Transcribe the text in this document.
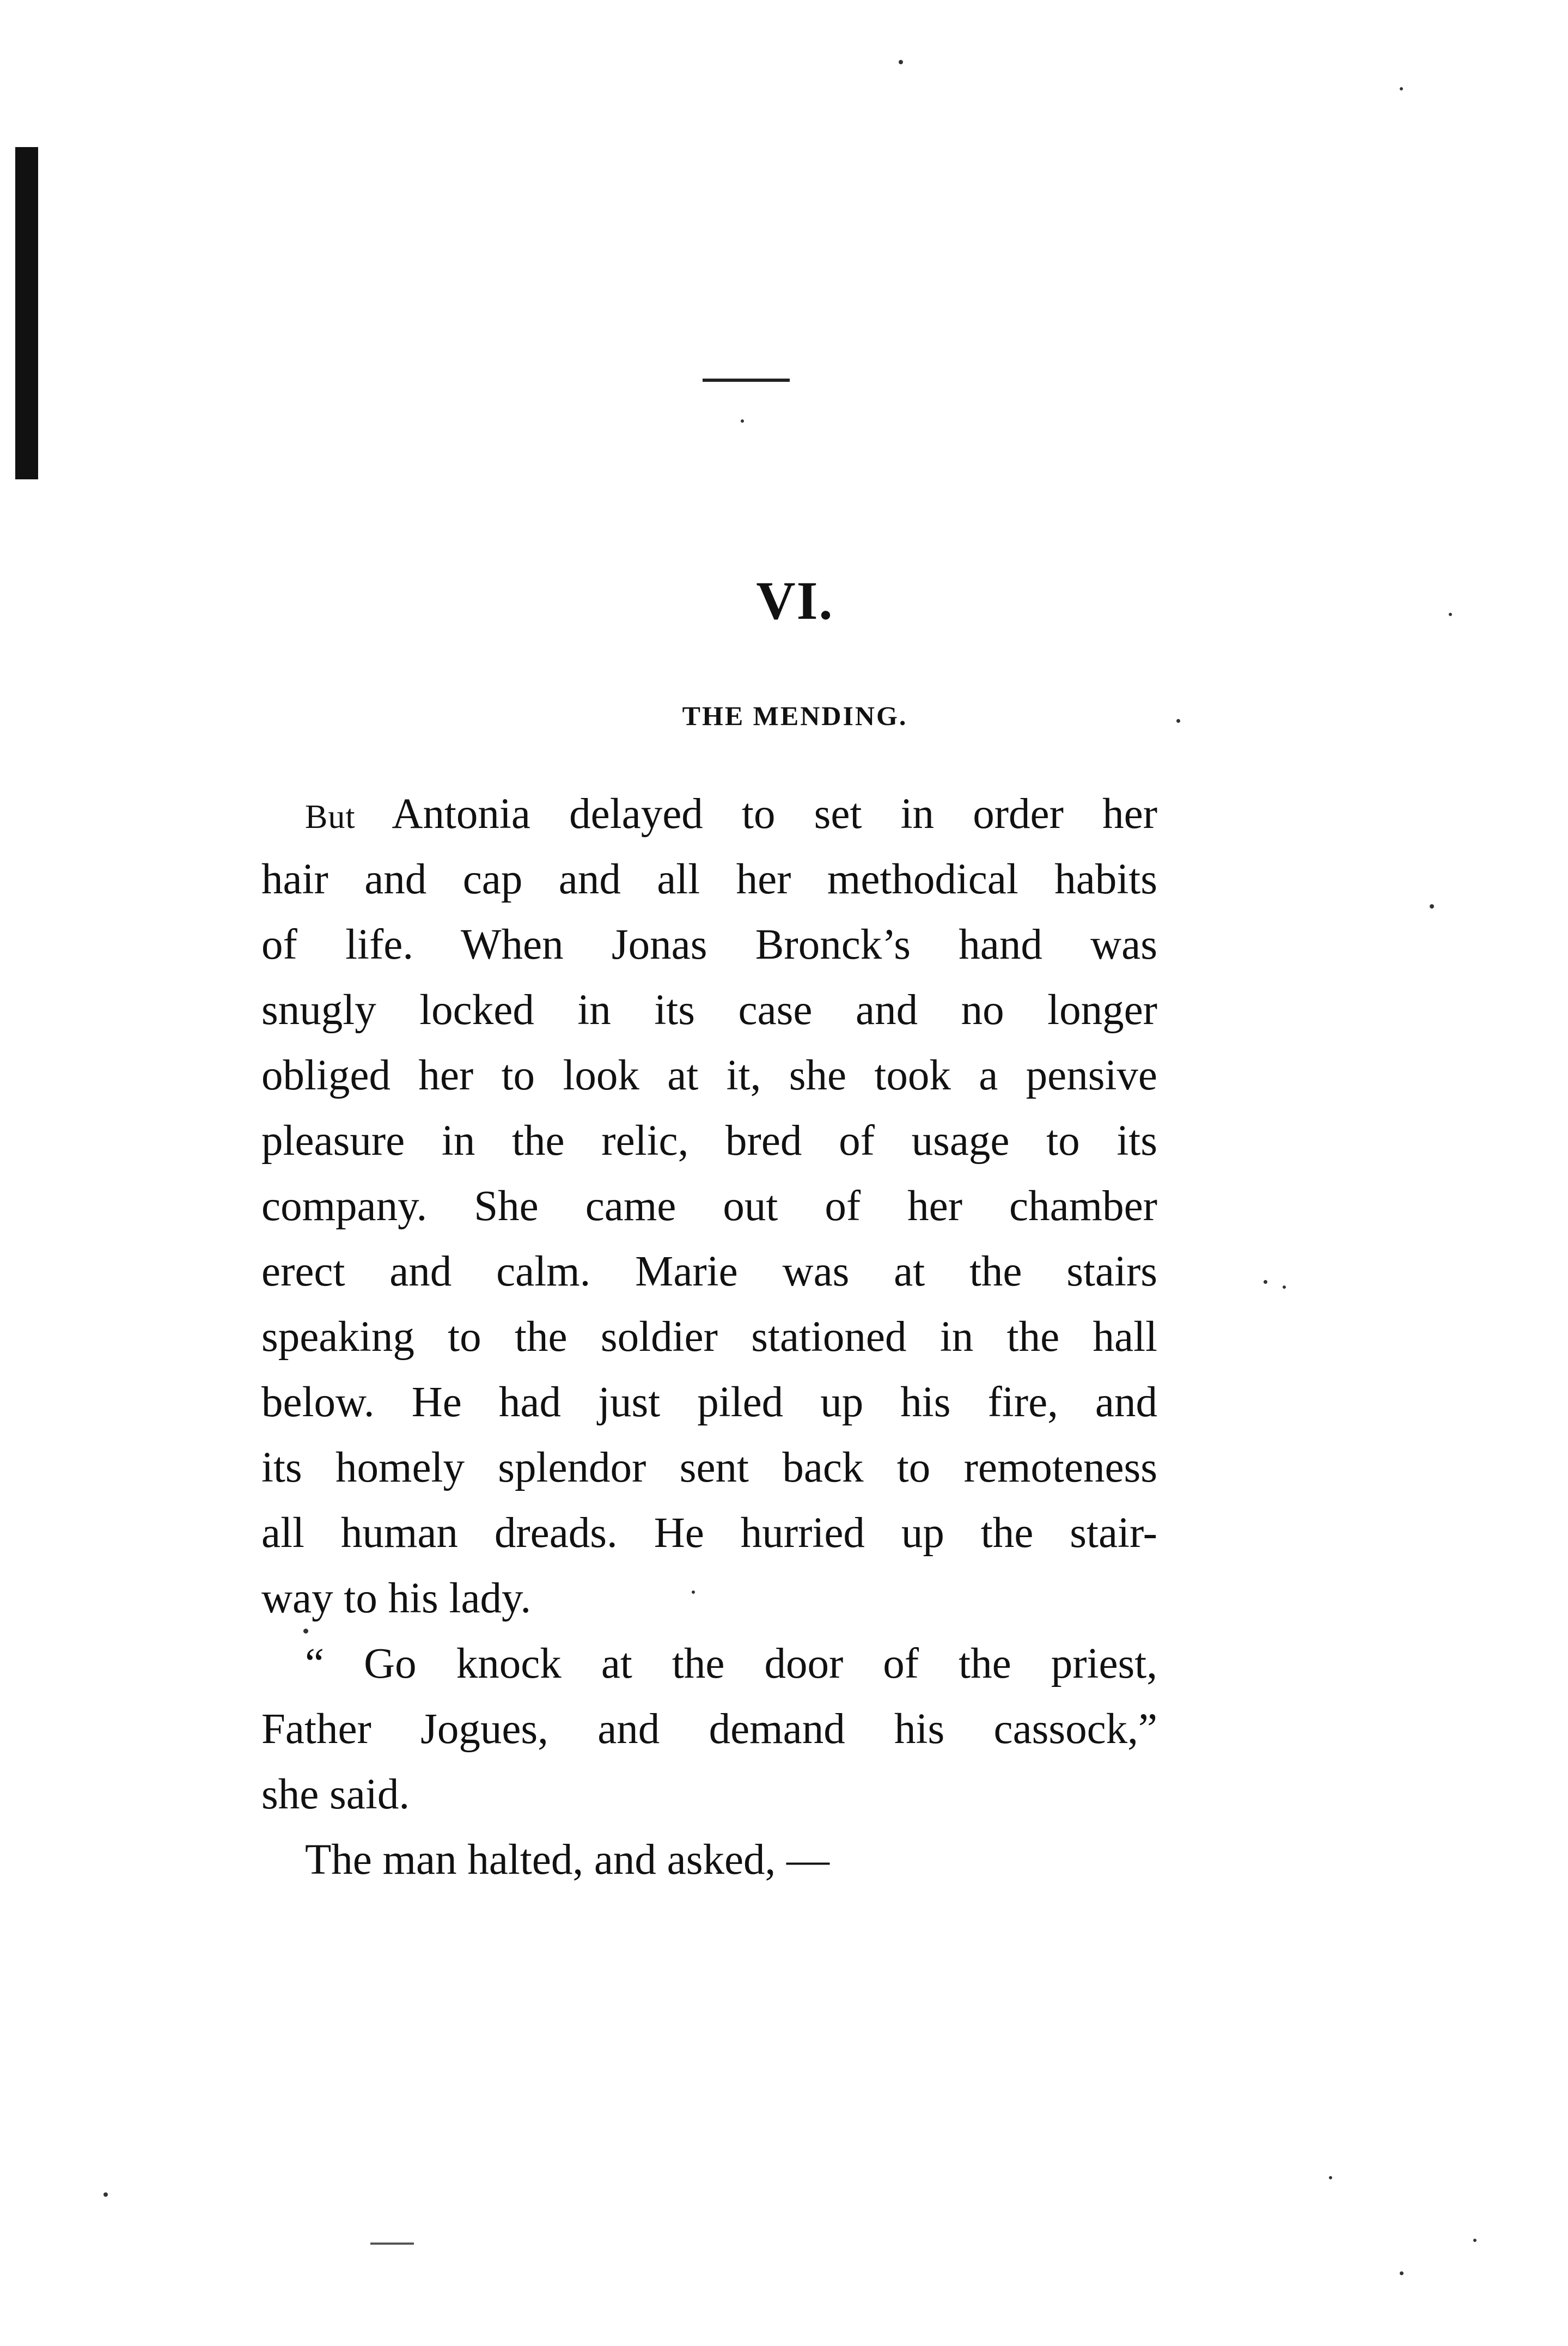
VI.
THE MENDING.
But Antonia delayed to set in order her
hair and cap and all her methodical habits
of life. When Jonas Bronck’s hand was
snugly locked in its case and no longer
obliged her to look at it, she took a pensive
pleasure in the relic, bred of usage to its
company. She came out of her chamber
erect and calm. Marie was at the stairs
speaking to the soldier stationed in the hall
below. He had just piled up his fire, and
its homely splendor sent back to remoteness
all human dreads. He hurried up the stair-
way to his lady.
“ Go knock at the door of the priest,
Father Jogues, and demand his cassock,”
she said.
The man halted, and asked, —
